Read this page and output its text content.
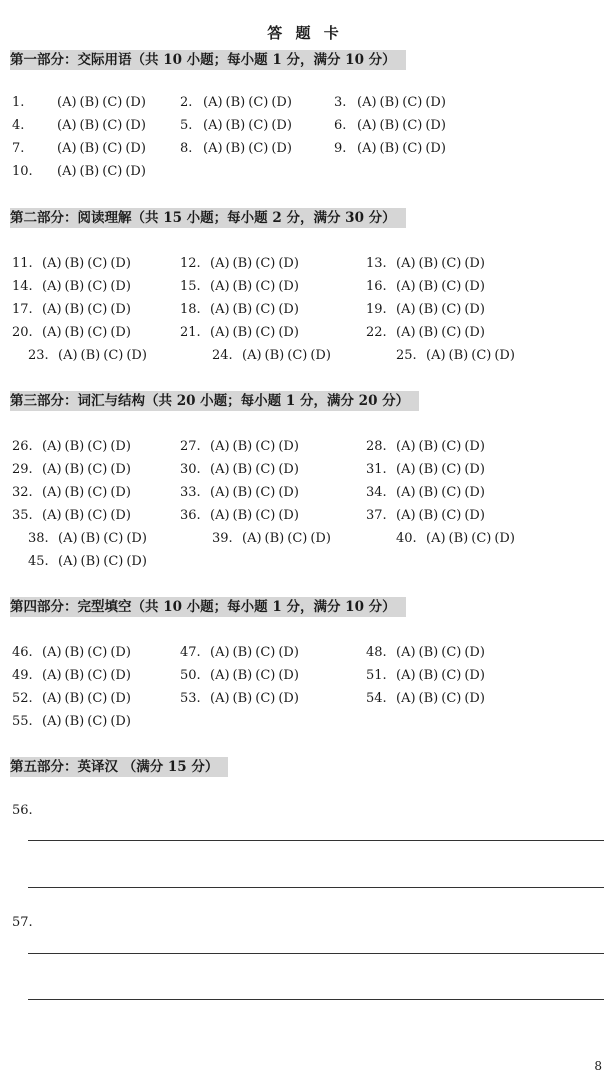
答 题 卡
第一部分：交际用语（共 10 小题；每小题 1 分，满分 10 分）
1.	(A) (B) (C) (D)	2. (A) (B) (C) (D)	3. (A) (B) (C) (D)
4.	(A) (B) (C) (D)	5. (A) (B) (C) (D)	6. (A) (B) (C) (D)
7.	(A) (B) (C) (D)	8. (A) (B) (C) (D)	9. (A) (B) (C) (D)
10. (A) (B) (C) (D)
第二部分：阅读理解（共 15 小题；每小题 2 分，满分 30 分）
11. (A) (B) (C) (D)	12. (A) (B) (C) (D)	13. (A) (B) (C) (D)
14. (A) (B) (C) (D)	15. (A) (B) (C) (D)	16. (A) (B) (C) (D)
17. (A) (B) (C) (D)	18. (A) (B) (C) (D)	19. (A) (B) (C) (D)
20. (A) (B) (C) (D)	21. (A) (B) (C) (D)	22. (A) (B) (C) (D)
23. (A) (B) (C) (D)	24. (A) (B) (C) (D)	25. (A) (B) (C) (D)
第三部分：词汇与结构（共 20 小题；每小题 1 分，满分 20 分）
26. (A) (B) (C) (D)	27. (A) (B) (C) (D)	28. (A) (B) (C) (D)
29. (A) (B) (C) (D)	30. (A) (B) (C) (D)	31. (A) (B) (C) (D)
32. (A) (B) (C) (D)	33. (A) (B) (C) (D)	34. (A) (B) (C) (D)
35. (A) (B) (C) (D)	36. (A) (B) (C) (D)	37. (A) (B) (C) (D)
38. (A) (B) (C) (D)	39. (A) (B) (C) (D)	40. (A) (B) (C) (D)
45. (A) (B) (C) (D)
第四部分：完型填空（共 10 小题；每小题 1 分，满分 10 分）
46. (A) (B) (C) (D)	47. (A) (B) (C) (D)	48. (A) (B) (C) (D)
49. (A) (B) (C) (D)	50. (A) (B) (C) (D)	51. (A) (B) (C) (D)
52. (A) (B) (C) (D)	53. (A) (B) (C) (D)	54. (A) (B) (C) (D)
55. (A) (B) (C) (D)
第五部分：英译汉 （满分 15 分）
56.
57.
8
